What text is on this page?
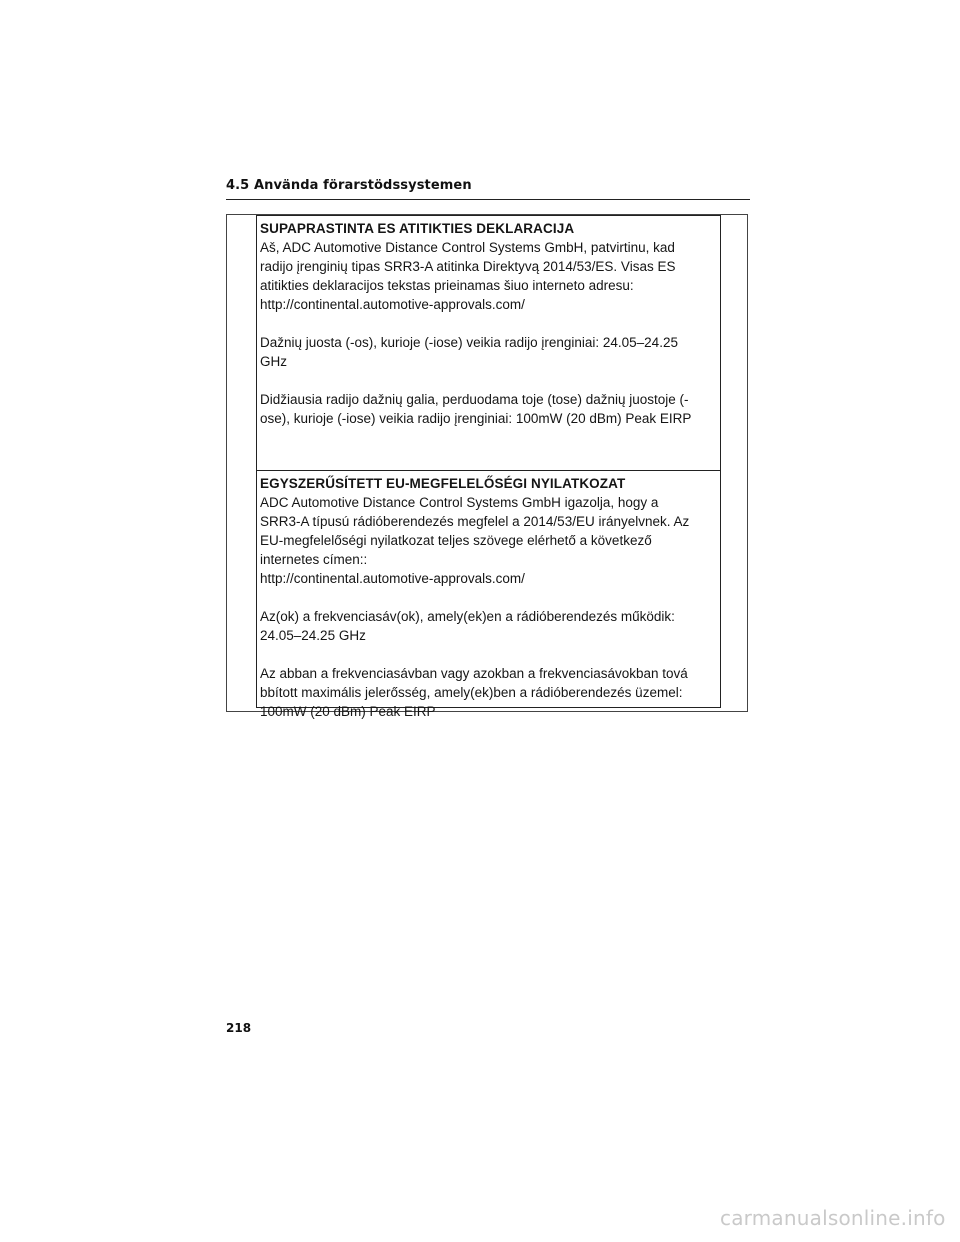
4.5 Använda förarstödssystemen
SUPAPRASTINTA ES ATITIKTIES DEKLARACIJA

Aš, ADC Automotive Distance Control Systems GmbH, patvirtinu, kad
radijo įrenginių tipas SRR3-A atitinka Direktyvą 2014/53/ES. Visas ES
atitikties deklaracijos tekstas prieinamas šiuo interneto adresu:
http://continental.automotive-approvals.com/

Dažnių juosta (-os), kurioje (-iose) veikia radijo įrenginiai: 24.05–24.25
GHz

Didžiausia radijo dažnių galia, perduodama toje (tose) dažnių juostoje (-
ose), kurioje (-iose) veikia radijo įrenginiai: 100mW (20 dBm) Peak EIRP

EGYSZERŰSÍTETT EU-MEGFELELŐSÉGI NYILATKOZAT

ADC Automotive Distance Control Systems GmbH igazolja, hogy a
SRR3-A típusú rádióberendezés megfelel a 2014/53/EU irányelvnek. Az
EU-megfelelőségi nyilatkozat teljes szövege elérhető a következő
internetes címen::
http://continental.automotive-approvals.com/

Az(ok) a frekvenciasáv(ok), amely(ek)en a rádióberendezés működik:
24.05–24.25 GHz

Az abban a frekvenciasávban vagy azokban a frekvenciasávokban tová
bbított maximális jelerősség, amely(ek)ben a rádióberendezés üzemel:
100mW (20 dBm) Peak EIRP

218
carmanualsonline.info
